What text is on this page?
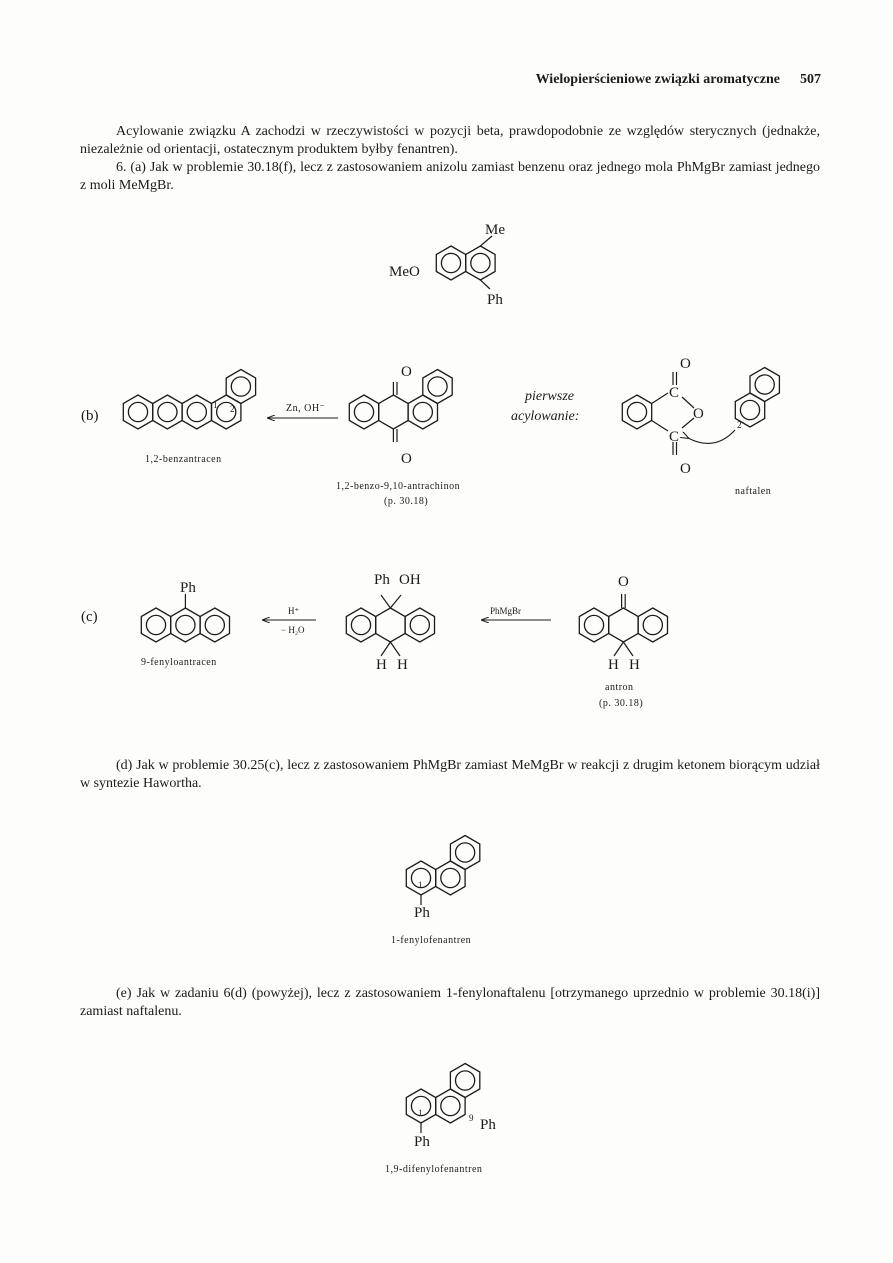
Wielopierścieniowe związki aromatyczne 507

Acylowanie związku A zachodzi w rzeczywistości w pozycji beta, prawdopodobnie ze względów sterycznych (jednakże, niezależnie od orientacji, ostatecznym produktem byłby fenantren).

6. (a) Jak w problemie 30.18(f), lecz z zastosowaniem anizolu zamiast benzenu oraz jednego mola PhMgBr zamiast jednego z moli MeMgBr.

(d) Jak w problemie 30.25(c), lecz z zastosowaniem PhMgBr zamiast MeMgBr w reakcji z drugim ketonem biorącym udział w syntezie Hawortha.

(e) Jak w zadaniu 6(d) (powyżej), lecz z zastosowaniem 1-fenylonaftalenu [otrzymanego uprzednio w problemie 30.18(i)] zamiast naftalenu.

Me
MeO
Ph
(b)
1 2
1,2-benzantracen
Zn, OH⁻
O
O
1,2-benzo-9,10-antrachinon
(p. 30.18)
pierwsze
acylowanie:
C
C
O
O
O
2
naftalen
(c)
Ph
9-fenyloantracen
H⁺
− H₂O
Ph OH
H H
PhMgBr
O
H H
antron
(p. 30.18)
1
Ph
1-fenylofenantren
1	9
Ph
Ph
1,9-difenylofenantren
